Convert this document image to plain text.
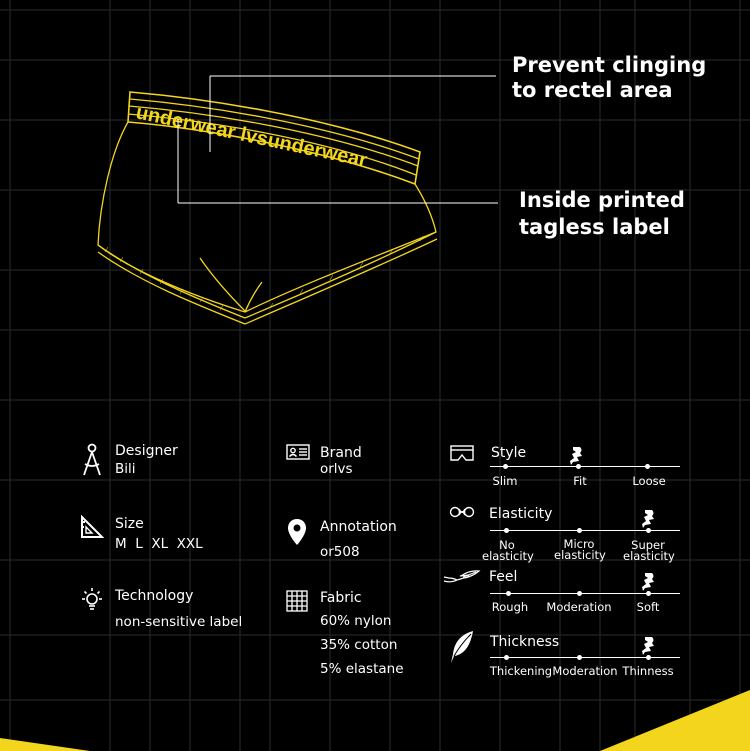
underwear lvsunderwear
Prevent clinging
to rectel area
Inside printed
tagless label
Designer
Bili
Size
M  L  XL  XXL
Technology
non-sensitive label
Brand
orlvs
Annotation
or508
Fabric
60% nylon
35% cotton
5% elastane
Style
Slim	Fit	Loose
Elasticity
No
elasticity
Micro
elasticity
Super
elasticity
Feel
Rough	Moderation	Soft
Thickness
Thickening Moderation Thinness
